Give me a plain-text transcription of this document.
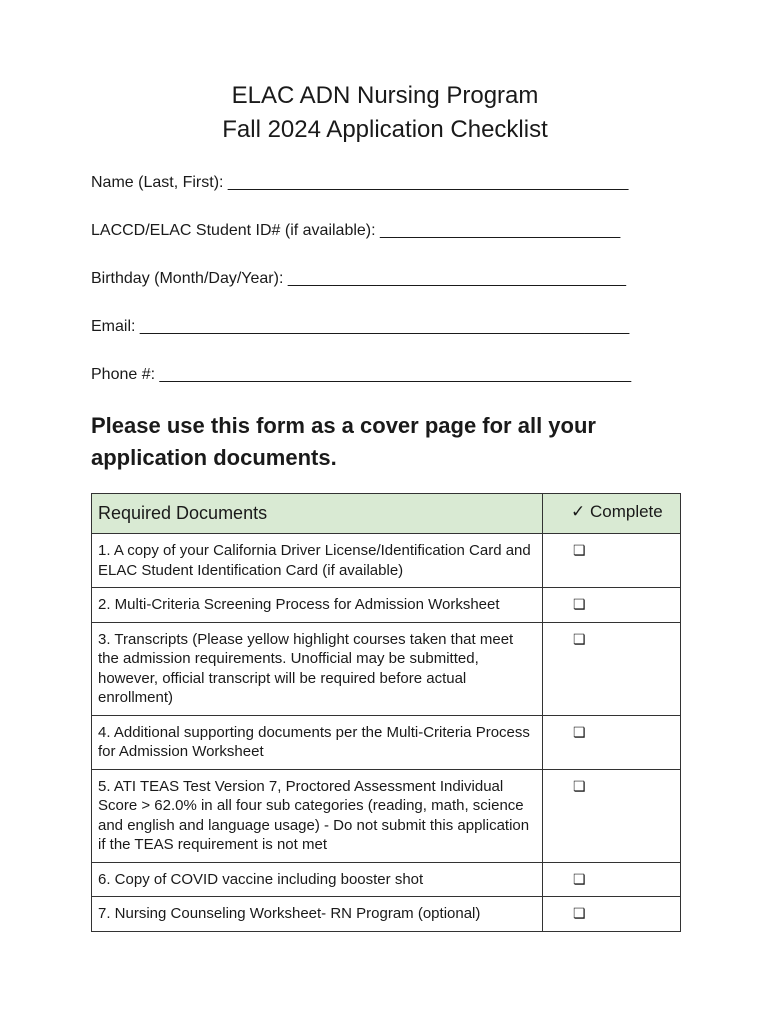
ELAC ADN Nursing Program
Fall 2024 Application Checklist
Name (Last, First): _____________________________________________
LACCD/ELAC Student ID# (if available): ___________________________
Birthday (Month/Day/Year): ______________________________________
Email: _______________________________________________________
Phone #: _____________________________________________________
Please use this form as a cover page for all your application documents.
Required Documents	✓ Complete
1. A copy of your California Driver License/Identification Card and ELAC Student Identification Card (if available)	❏
2. Multi-Criteria Screening Process for Admission Worksheet	❏
3. Transcripts (Please yellow highlight courses taken that meet the admission requirements. Unofficial may be submitted, however, official transcript will be required before actual enrollment)	❏
4. Additional supporting documents per the Multi-Criteria Process for Admission Worksheet	❏
5. ATI TEAS Test Version 7, Proctored Assessment Individual Score > 62.0% in all four sub categories (reading, math, science and english and language usage) - Do not submit this application if the TEAS requirement is not met	❏
6. Copy of COVID vaccine including booster shot	❏
7. Nursing Counseling Worksheet- RN Program (optional)	❏
